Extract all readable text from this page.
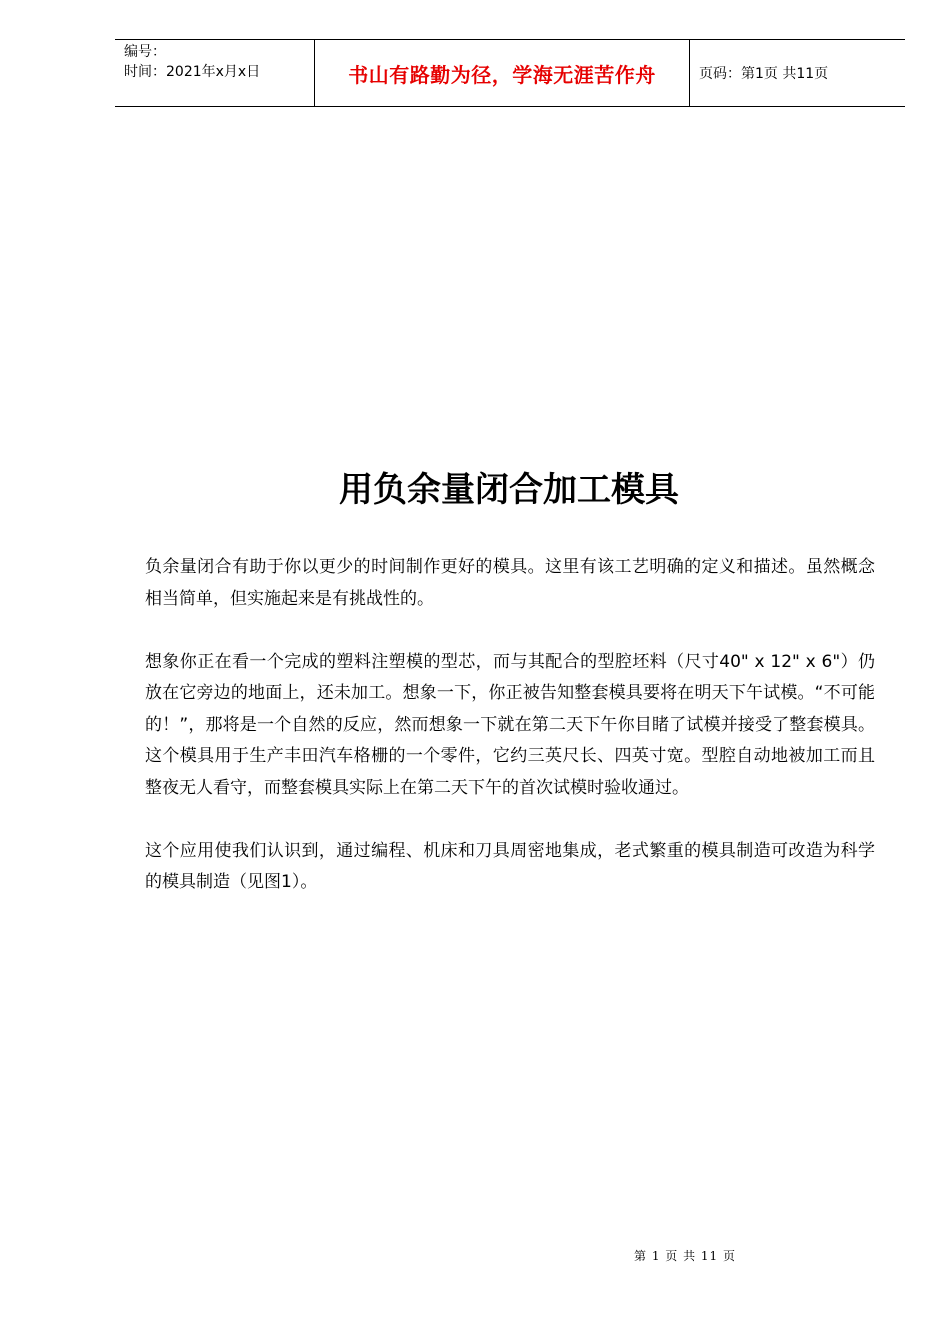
编号：
时间：2021年x月x日	书山有路勤为径，学海无涯苦作舟	页码：第1页 共11页
用负余量闭合加工模具

负余量闭合有助于你以更少的时间制作更好的模具。这里有该工艺明确的定义和描述。虽然概念相当简单，但实施起来是有挑战性的。

想象你正在看一个完成的塑料注塑模的型芯，而与其配合的型腔坯料（尺寸40" x 12" x 6"）仍放在它旁边的地面上，还未加工。想象一下，你正被告知整套模具要将在明天下午试模。“不可能的！”，那将是一个自然的反应，然而想象一下就在第二天下午你目睹了试模并接受了整套模具。这个模具用于生产丰田汽车格栅的一个零件，它约三英尺长、四英寸宽。型腔自动地被加工而且整夜无人看守，而整套模具实际上在第二天下午的首次试模时验收通过。

这个应用使我们认识到，通过编程、机床和刀具周密地集成，老式繁重的模具制造可改造为科学的模具制造（见图1）。

第 1 页 共 11 页
